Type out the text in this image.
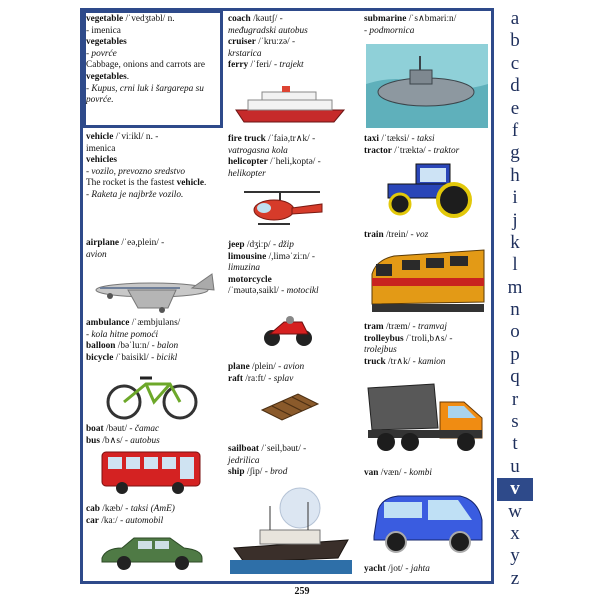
vegetable /ˈvedʒtəbl/ n.
- imenica
vegetables
- povrće
Cabbage, onions and carrots are vegetables.
- Kupus, crni luk i šargarepa su povrće.
vehicle /ˈviːikl/ n. -
imenica
vehicles
- vozilo, prevozno sredstvo
The rocket is the fastest vehicle.
- Raketa je najbrže vozilo.
airplane /ˈeə,plein/ -
avion
ambulance /ˈæmbjuləns/
- kola hitne pomoći
balloon /bəˈluːn/ - balon
bicycle /ˈbaisikl/ - bicikl
boat /bəut/ - čamac
bus /b∧s/ - autobus
cab /kæb/ - taksi (AmE)
car /kaː/ - automobil
coach /kəutʃ/ -
međugradski autobus
cruiser /ˈkruːzə/ -
krstarica
ferry /ˈferi/ - trajekt
fire truck /ˈfaiə,tr∧k/ -
vatrogasna kola
helicopter /ˈheli,koptə/ -
helikopter
jeep /dʒiːp/ - džip
limousine /,liməˈziːn/ -
limuzina
motorcycle
/ˈməutə,saikl/ - motocikl
plane /plein/ - avion
raft /raːft/ - splav
sailboat /ˈseil,bəut/ -
jedrilica
ship /ʃip/ - brod
submarine /ˈs∧bməriːn/
- podmornica
taxi /ˈtæksi/ - taksi
tractor /ˈtræktə/ - traktor
train /trein/ - voz
tram /træm/ - tramvaj
trolleybus /ˈtroli,b∧s/ -
trolejbus
truck /tr∧k/ - kamion
van /væn/ - kombi
yacht /jot/ - jahta
a
b
c
d
e
f
g
h
i
j
k
l
m
n
o
p
q
r
s
t
u
v
w
x
y
z
259
